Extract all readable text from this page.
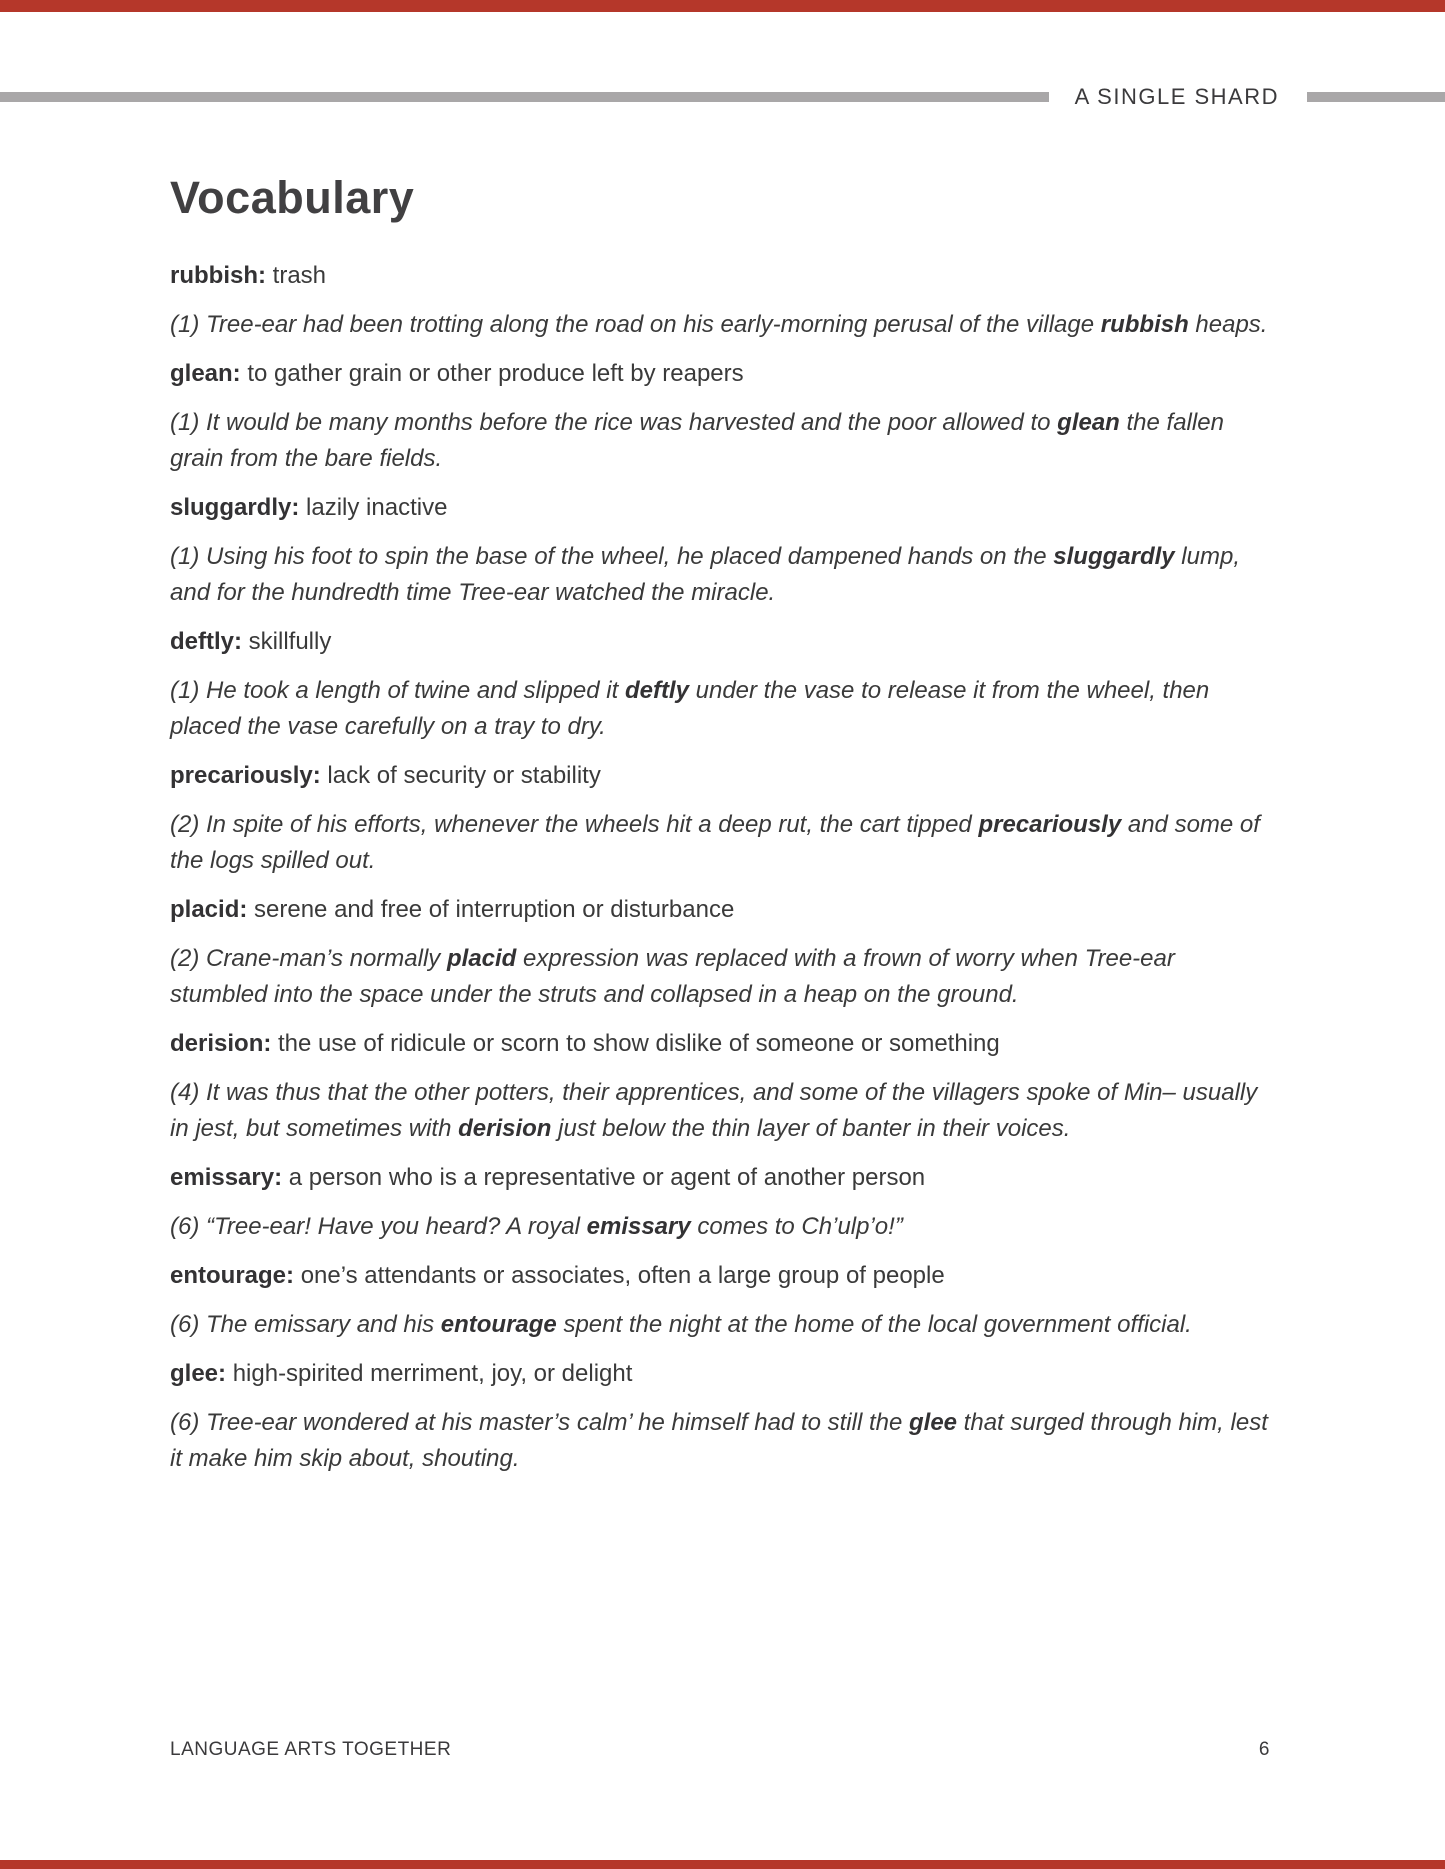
A SINGLE SHARD
Vocabulary

rubbish: trash

(1) Tree-ear had been trotting along the road on his early-morning perusal of the village rubbish heaps.

glean: to gather grain or other produce left by reapers

(1) It would be many months before the rice was harvested and the poor allowed to glean the fallen grain from the bare fields.

sluggardly: lazily inactive

(1) Using his foot to spin the base of the wheel, he placed dampened hands on the sluggardly lump, and for the hundredth time Tree-ear watched the miracle.

deftly: skillfully

(1) He took a length of twine and slipped it deftly under the vase to release it from the wheel, then placed the vase carefully on a tray to dry.

precariously: lack of security or stability

(2) In spite of his efforts, whenever the wheels hit a deep rut, the cart tipped precariously and some of the logs spilled out.

placid: serene and free of interruption or disturbance

(2) Crane-man’s normally placid expression was replaced with a frown of worry when Tree-ear stumbled into the space under the struts and collapsed in a heap on the ground.

derision: the use of ridicule or scorn to show dislike of someone or something

(4) It was thus that the other potters, their apprentices, and some of the villagers spoke of Min– usually in jest, but sometimes with derision just below the thin layer of banter in their voices.

emissary: a person who is a representative or agent of another person

(6) “Tree-ear! Have you heard? A royal emissary comes to Ch’ulp’o!”

entourage: one’s attendants or associates, often a large group of people

(6) The emissary and his entourage spent the night at the home of the local government official.

glee: high-spirited merriment, joy, or delight

(6) Tree-ear wondered at his master’s calm’ he himself had to still the glee that surged through him, lest it make him skip about, shouting.

LANGUAGE ARTS TOGETHER	6
